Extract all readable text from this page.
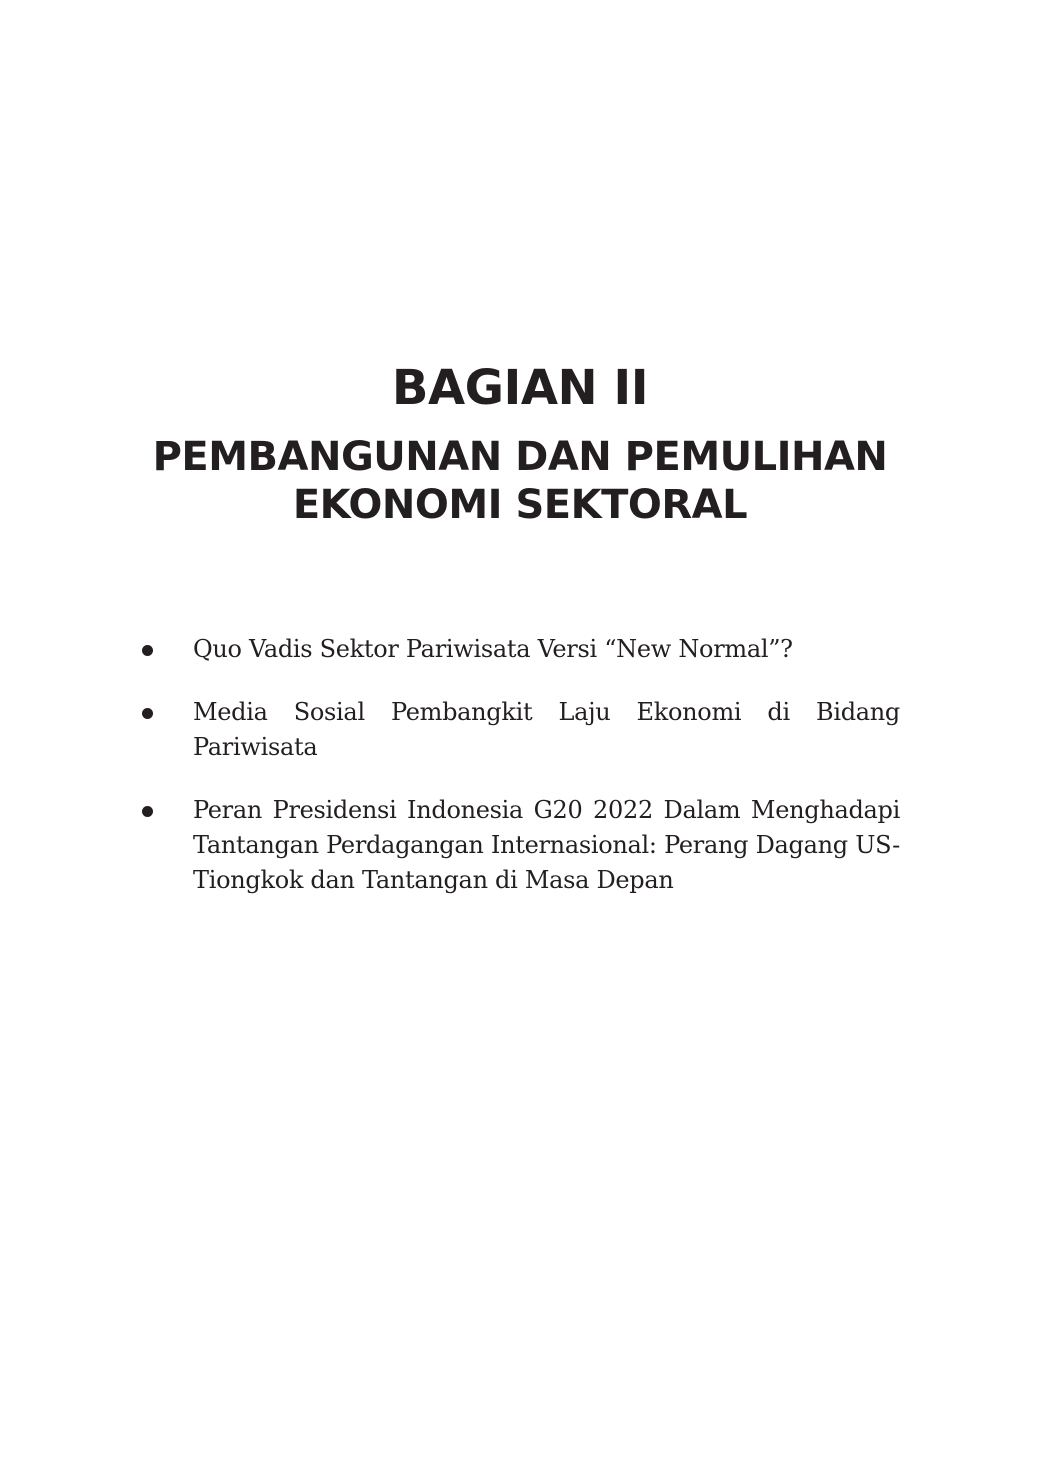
BAGIAN II
PEMBANGUNAN DAN PEMULIHAN
EKONOMI SEKTORAL
Quo Vadis Sektor Pariwisata Versi “New Normal”?
Media Sosial Pembangkit Laju Ekonomi di Bidang Pariwisata
Peran Presidensi Indonesia G20 2022 Dalam Menghadapi Tantangan Perdagangan Internasional: Perang Dagang US-Tiongkok dan Tantangan di Masa Depan
